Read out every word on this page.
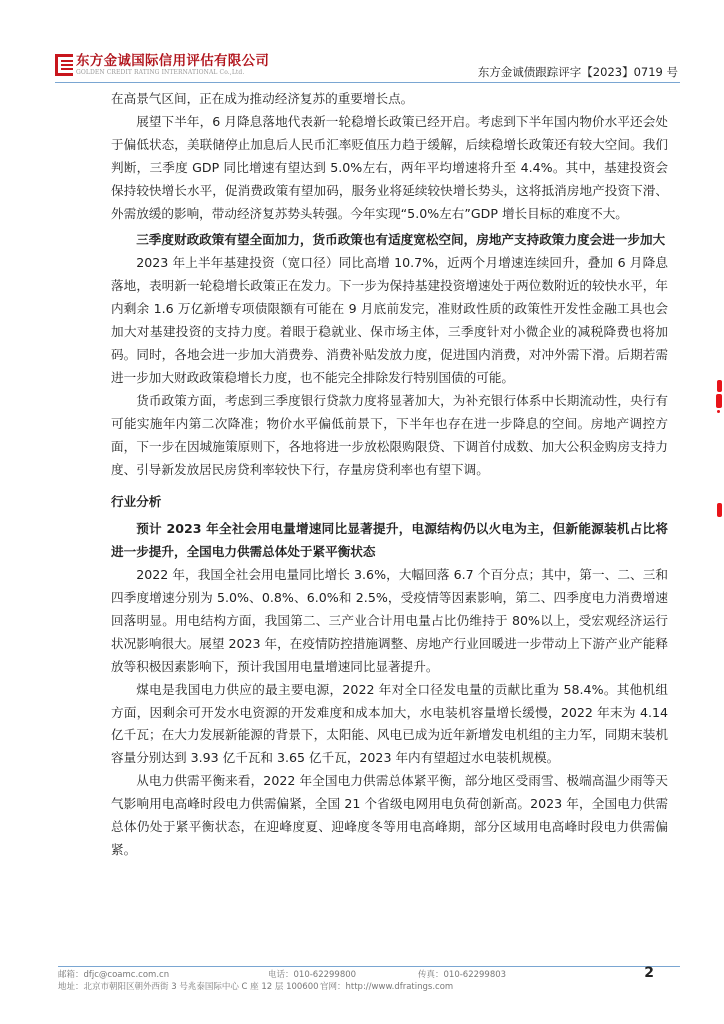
东方金诚国际信用评估有限公司
GOLDEN CREDIT RATING INTERNATIONAL Co.,Ltd.	东方金诚债跟踪评字【2023】0719 号

在高景气区间，正在成为推动经济复苏的重要增长点。

展望下半年，6 月降息落地代表新一轮稳增长政策已经开启。考虑到下半年国内物价水平还会处于偏低状态，美联储停止加息后人民币汇率贬值压力趋于缓解，后续稳增长政策还有较大空间。我们判断，三季度 GDP 同比增速有望达到 5.0%左右，两年平均增速将升至 4.4%。其中，基建投资会保持较快增长水平，促消费政策有望加码，服务业将延续较快增长势头，这将抵消房地产投资下滑、外需放缓的影响，带动经济复苏势头转强。今年实现“5.0%左右”GDP 增长目标的难度不大。

三季度财政政策有望全面加力，货币政策也有适度宽松空间，房地产支持政策力度会进一步加大

2023 年上半年基建投资（宽口径）同比高增 10.7%，近两个月增速连续回升，叠加 6 月降息落地，表明新一轮稳增长政策正在发力。下一步为保持基建投资增速处于两位数附近的较快水平，年内剩余 1.6 万亿新增专项债限额有可能在 9 月底前发完，准财政性质的政策性开发性金融工具也会加大对基建投资的支持力度。着眼于稳就业、保市场主体，三季度针对小微企业的减税降费也将加码。同时，各地会进一步加大消费券、消费补贴发放力度，促进国内消费，对冲外需下滑。后期若需进一步加大财政政策稳增长力度，也不能完全排除发行特别国债的可能。

货币政策方面，考虑到三季度银行贷款力度将显著加大，为补充银行体系中长期流动性，央行有可能实施年内第二次降准；物价水平偏低前景下，下半年也存在进一步降息的空间。房地产调控方面，下一步在因城施策原则下，各地将进一步放松限购限贷、下调首付成数、加大公积金购房支持力度、引导新发放居民房贷利率较快下行，存量房贷利率也有望下调。

行业分析

预计 2023 年全社会用电量增速同比显著提升，电源结构仍以火电为主，但新能源装机占比将进一步提升，全国电力供需总体处于紧平衡状态

2022 年，我国全社会用电量同比增长 3.6%，大幅回落 6.7 个百分点；其中，第一、二、三和四季度增速分别为 5.0%、0.8%、6.0%和 2.5%，受疫情等因素影响，第二、四季度电力消费增速回落明显。用电结构方面，我国第二、三产业合计用电量占比仍维持于 80%以上，受宏观经济运行状况影响很大。展望 2023 年，在疫情防控措施调整、房地产行业回暖进一步带动上下游产业产能释放等积极因素影响下，预计我国用电量增速同比显著提升。

煤电是我国电力供应的最主要电源，2022 年对全口径发电量的贡献比重为 58.4%。其他机组方面，因剩余可开发水电资源的开发难度和成本加大，水电装机容量增长缓慢，2022 年末为 4.14 亿千瓦；在大力发展新能源的背景下，太阳能、风电已成为近年新增发电机组的主力军，同期末装机容量分别达到 3.93 亿千瓦和 3.65 亿千瓦，2023 年内有望超过水电装机规模。

从电力供需平衡来看，2022 年全国电力供需总体紧平衡，部分地区受雨雪、极端高温少雨等天气影响用电高峰时段电力供需偏紧，全国 21 个省级电网用电负荷创新高。2023 年，全国电力供需总体仍处于紧平衡状态，在迎峰度夏、迎峰度冬等用电高峰期，部分区域用电高峰时段电力供需偏紧。

邮箱：dfjc@coamc.com.cn	电话：010-62299800	传真：010-62299803
地址：北京市朝阳区朝外西街 3 号兆泰国际中心 C 座 12 层 100600 官网：http://www.dfratings.com
2
